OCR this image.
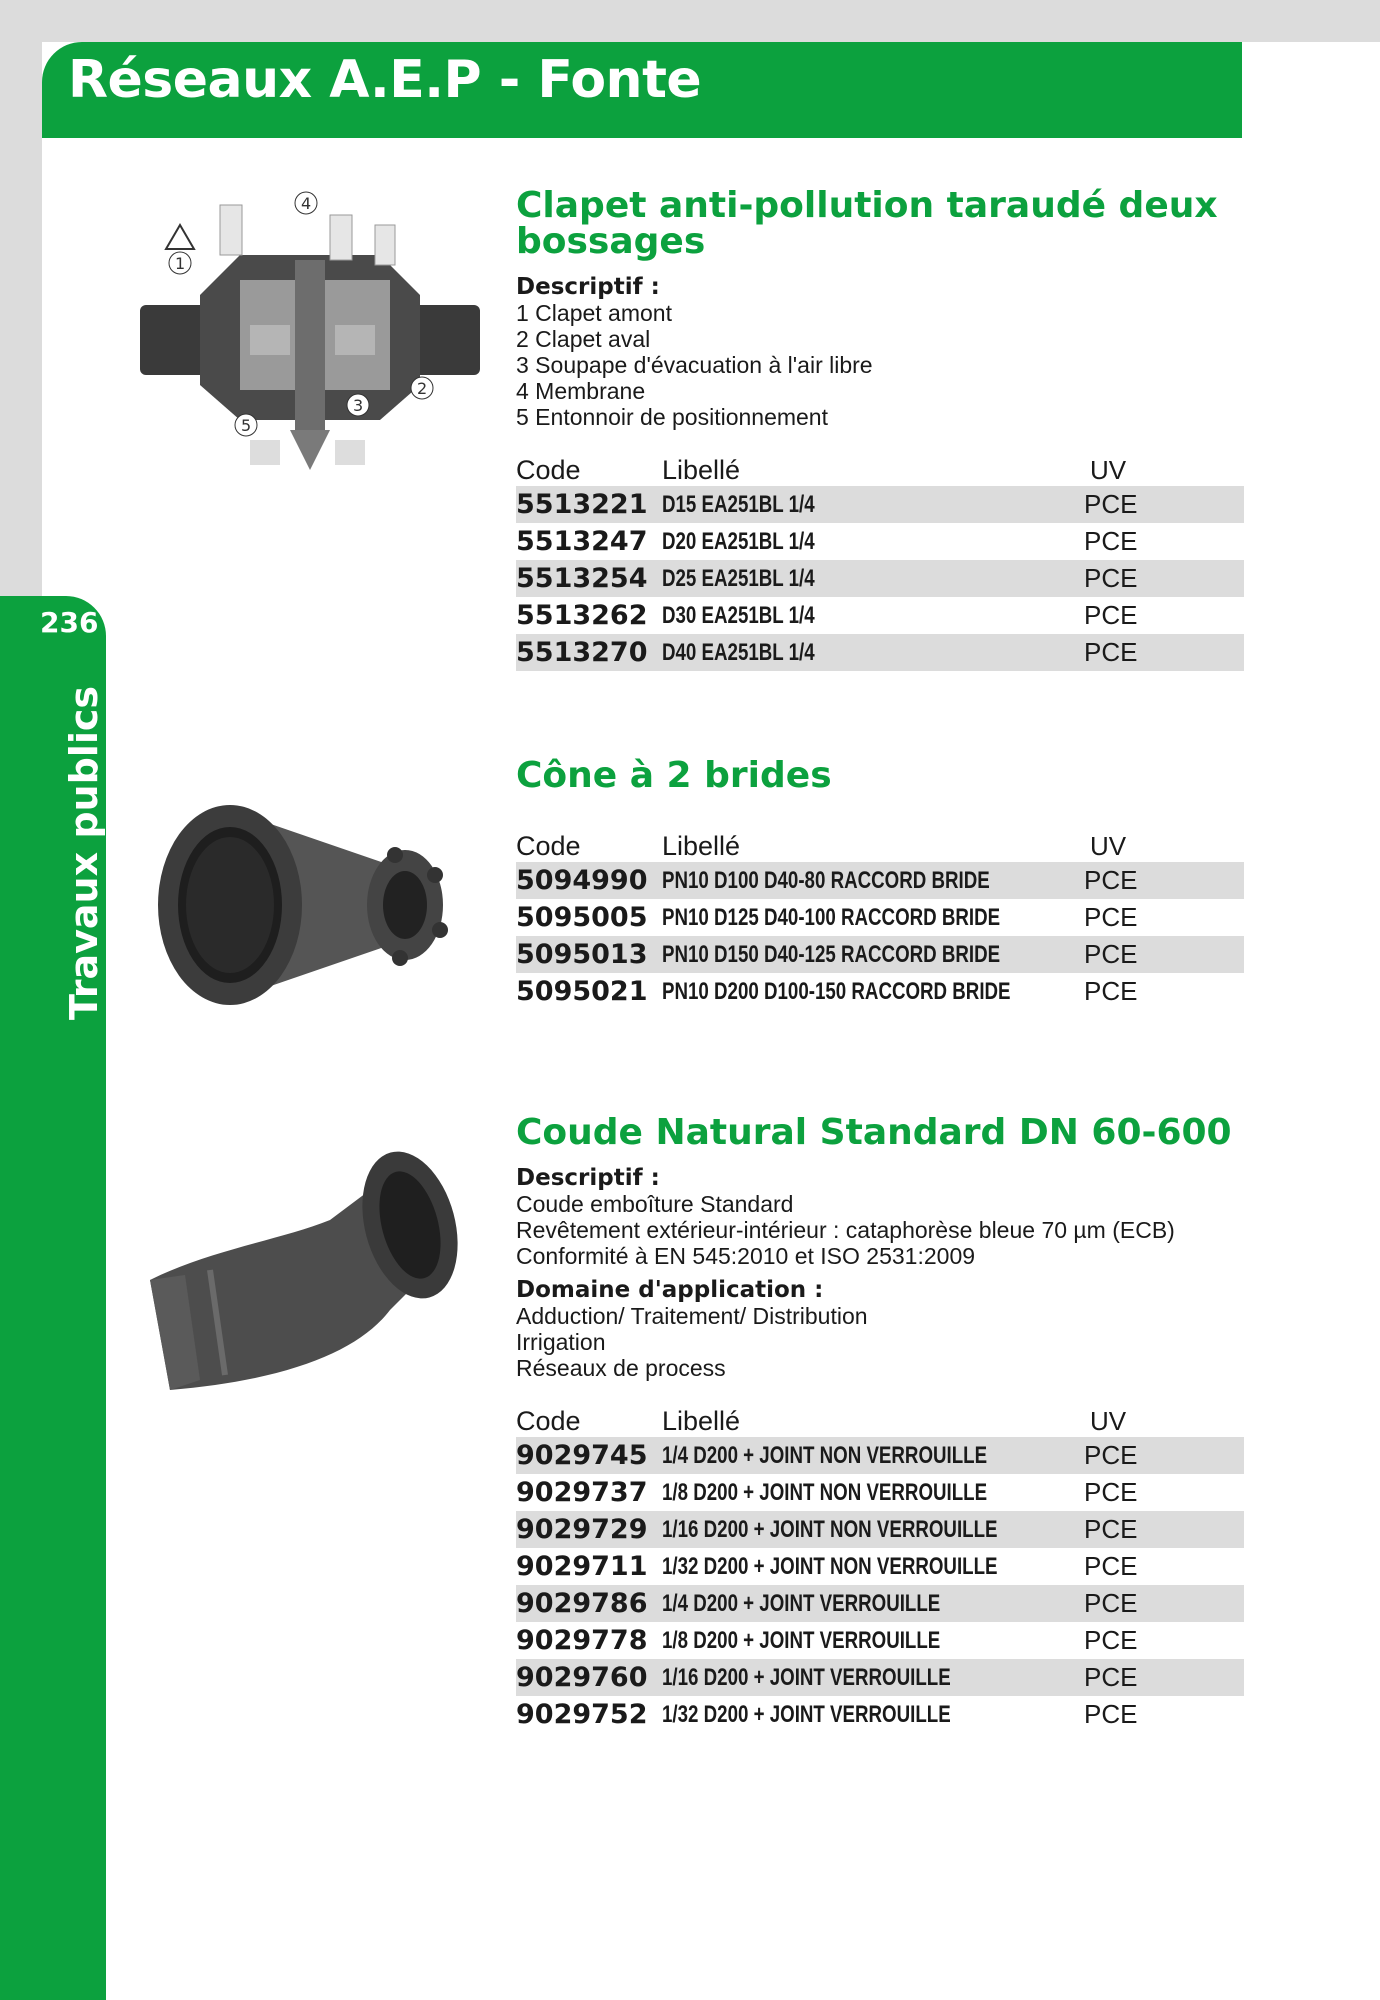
Réseaux A.E.P - Fonte
236
Travaux publics
1
2
3
4
5
Clapet anti-pollution taraudé deux bossages
Descriptif :
1 Clapet amont
2 Clapet aval
3 Soupape d'évacuation à l'air libre
4 Membrane
5 Entonnoir de positionnement
Code	Libellé	UV
5513221 D15 EA251BL 1/4	PCE
5513247 D20 EA251BL 1/4	PCE
5513254 D25 EA251BL 1/4	PCE
5513262 D30 EA251BL 1/4	PCE
5513270 D40 EA251BL 1/4	PCE
Cône à 2 brides
Code	Libellé	UV
5094990 PN10 D100 D40-80 RACCORD BRIDE	PCE
5095005 PN10 D125 D40-100 RACCORD BRIDE	PCE
5095013 PN10 D150 D40-125 RACCORD BRIDE	PCE
5095021 PN10 D200 D100-150 RACCORD BRIDE	PCE
Coude Natural Standard DN 60-600
Descriptif :
Coude emboîture Standard
Revêtement extérieur-intérieur : cataphorèse bleue 70 µm (ECB)
Conformité à EN 545:2010 et ISO 2531:2009
Domaine d'application :
Adduction/ Traitement/ Distribution
Irrigation
Réseaux de process
Code	Libellé	UV
9029745 1/4 D200 + JOINT NON VERROUILLE	PCE
9029737 1/8 D200 + JOINT NON VERROUILLE	PCE
9029729 1/16 D200 + JOINT NON VERROUILLE	PCE
9029711 1/32 D200 + JOINT NON VERROUILLE	PCE
9029786 1/4 D200 + JOINT VERROUILLE	PCE
9029778 1/8 D200 + JOINT VERROUILLE	PCE
9029760 1/16 D200 + JOINT VERROUILLE	PCE
9029752 1/32 D200 + JOINT VERROUILLE	PCE
